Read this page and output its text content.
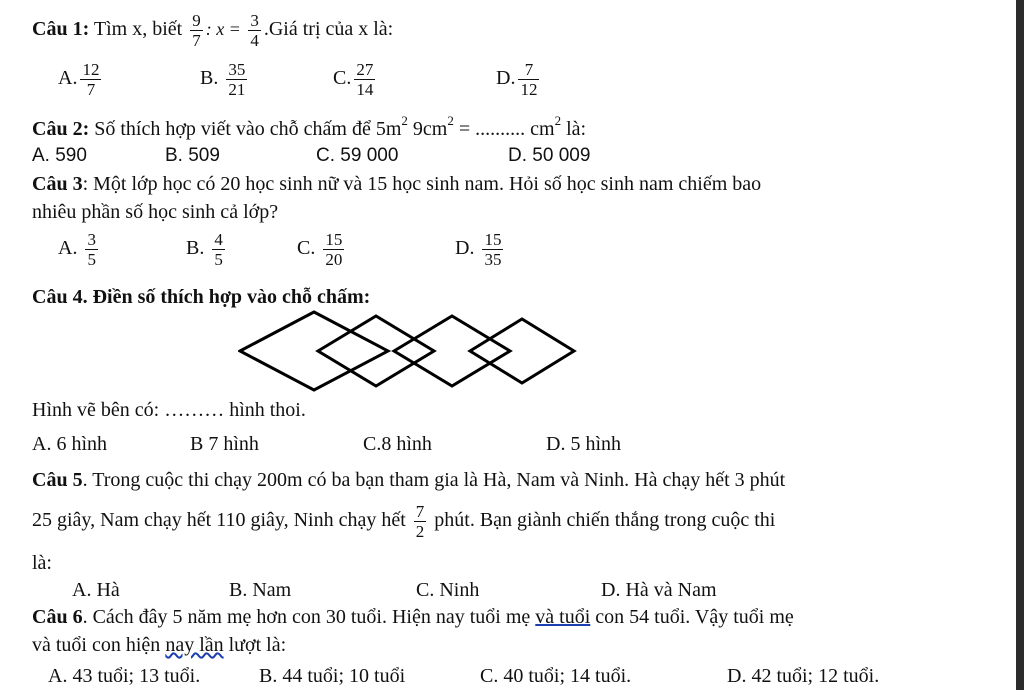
Câu 1: Tìm x, biết $\frac{9}{7}$ : $x = \frac{3}{4}$ .Giá trị của x là:
A. $\frac{12}{7}$	B. $\frac{35}{21}$	C. $\frac{27}{14}$	D. $\frac{7}{12}$
Câu 2: Số thích hợp viết vào chỗ chấm để $5m^2$ $9cm^2$ = .......... $cm^2$ là:
A. 590	B. 509	C. 59 000	D. 50 009
Câu 3: Một lớp học có 20 học sinh nữ và 15 học sinh nam. Hỏi số học sinh nam chiếm bao
nhiêu phần số học sinh cả lớp?
A. $\frac{3}{5}$	B. $\frac{4}{5}$	C. $\frac{15}{20}$	D. $\frac{15}{35}$
Câu 4. Điền số thích hợp vào chỗ chấm:
Hình vẽ bên có: ……… hình thoi.
A. 6 hình	B 7 hình	C.8 hình	D. 5 hình
Câu 5. Trong cuộc thi chạy 200m có ba bạn tham gia là Hà, Nam và Ninh. Hà chạy hết 3 phút
25 giây, Nam chạy hết 110 giây, Ninh chạy hết $\frac{7}{2}$ phút. Bạn giành chiến thắng trong cuộc thi
là:
A. Hà	B. Nam	C. Ninh	D. Hà và Nam
Câu 6. Cách đây 5 năm mẹ hơn con 30 tuổi. Hiện nay tuổi mẹ và tuổi con 54 tuổi. Vậy tuổi mẹ
và tuổi con hiện nay lần lượt là:
A. 43 tuổi; 13 tuổi.	B. 44 tuổi; 10 tuổi	C. 40 tuổi; 14 tuổi.	D. 42 tuổi; 12 tuổi.
